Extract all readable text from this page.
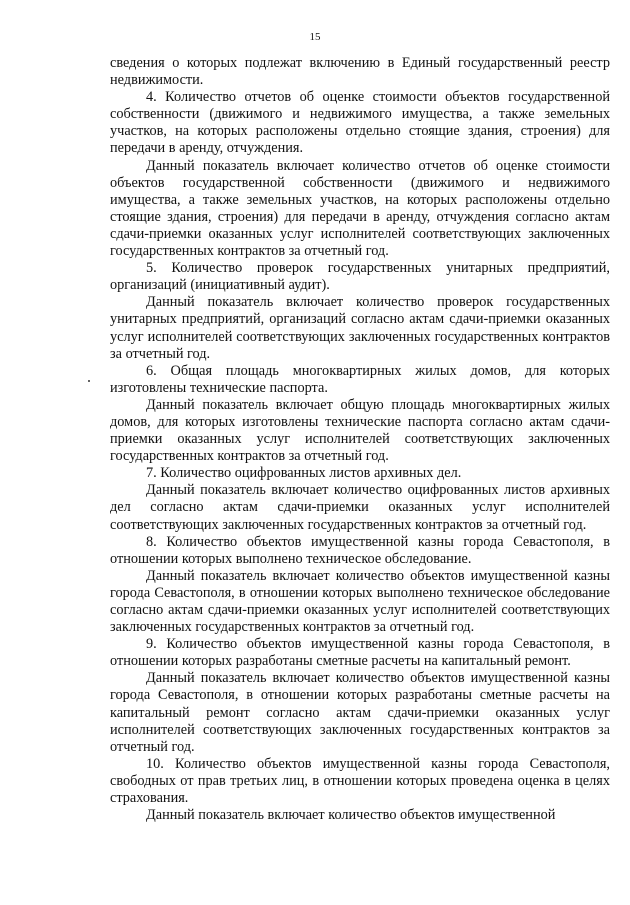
15

сведения о которых подлежат включению в Единый государственный реестр недвижимости.

4. Количество отчетов об оценке стоимости объектов государственной собственности (движимого и недвижимого имущества, а также земельных участков, на которых расположены отдельно стоящие здания, строения) для передачи в аренду, отчуждения.

Данный показатель включает количество отчетов об оценке стоимости объектов государственной собственности (движимого и недвижимого имущества, а также земельных участков, на которых расположены отдельно стоящие здания, строения) для передачи в аренду, отчуждения согласно актам сдачи-приемки оказанных услуг исполнителей соответствующих заключенных государственных контрактов за отчетный год.

5. Количество проверок государственных унитарных предприятий, организаций (инициативный аудит).

Данный показатель включает количество проверок государственных унитарных предприятий, организаций согласно актам сдачи-приемки оказанных услуг исполнителей соответствующих заключенных государственных контрактов за отчетный год.

6. Общая площадь многоквартирных жилых домов, для которых изготовлены технические паспорта.

Данный показатель включает общую площадь многоквартирных жилых домов, для которых изготовлены технические паспорта согласно актам сдачи-приемки оказанных услуг исполнителей соответствующих заключенных государственных контрактов за отчетный год.

7. Количество оцифрованных листов архивных дел.

Данный показатель включает количество оцифрованных листов архивных дел согласно актам сдачи-приемки оказанных услуг исполнителей соответствующих заключенных государственных контрактов за отчетный год.

8. Количество объектов имущественной казны города Севастополя, в отношении которых выполнено техническое обследование.

Данный показатель включает количество объектов имущественной казны города Севастополя, в отношении которых выполнено техническое обследование согласно актам сдачи-приемки оказанных услуг исполнителей соответствующих заключенных государственных контрактов за отчетный год.

9. Количество объектов имущественной казны города Севастополя, в отношении которых разработаны сметные расчеты на капитальный ремонт.

Данный показатель включает количество объектов имущественной казны города Севастополя, в отношении которых разработаны сметные расчеты на капитальный ремонт согласно актам сдачи-приемки оказанных услуг исполнителей соответствующих заключенных государственных контрактов за отчетный год.

10. Количество объектов имущественной казны города Севастополя, свободных от прав третьих лиц, в отношении которых проведена оценка в целях страхования.

Данный показатель включает количество объектов имущественной
